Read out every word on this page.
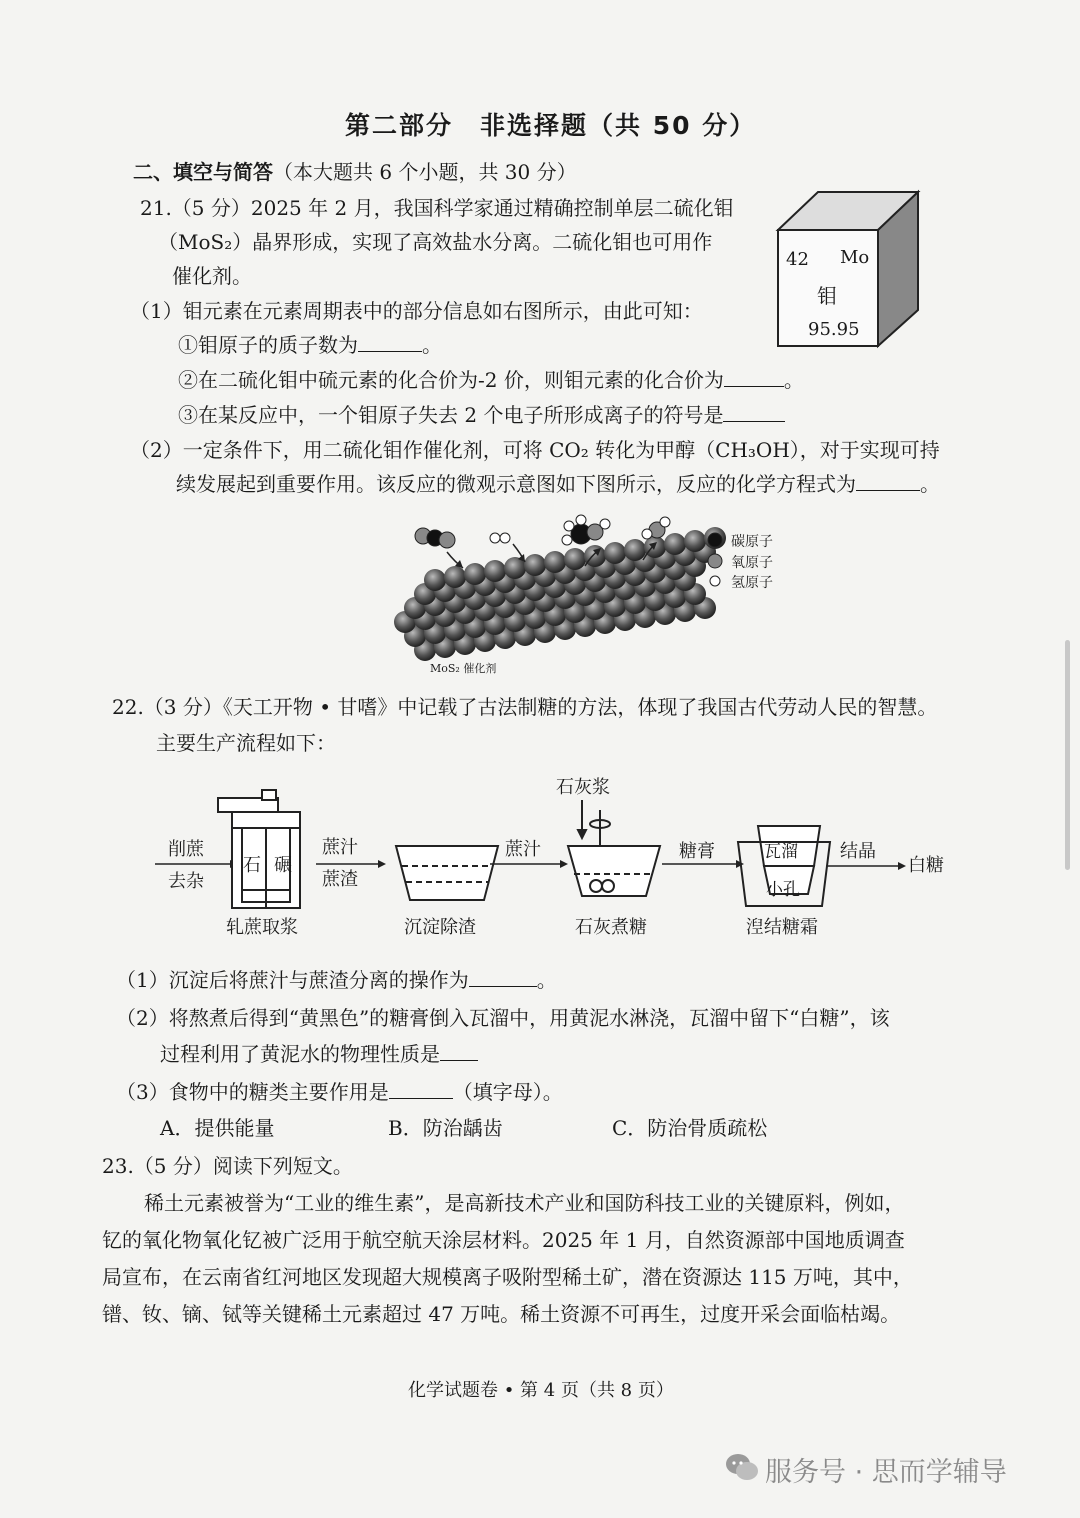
第二部分　非选择题（共 50 分）
二、填空与简答（本大题共 6 个小题，共 30 分）
21.（5 分）2025 年 2 月，我国科学家通过精确控制单层二硫化钼
（MoS₂）晶界形成，实现了高效盐水分离。二硫化钼也可用作
催化剂。
（1）钼元素在元素周期表中的部分信息如右图所示，由此可知：
①钼原子的质子数为	。
②在二硫化钼中硫元素的化合价为-2 价，则钼元素的化合价为	。
③在某反应中，一个钼原子失去 2 个电子所形成离子的符号是
（2）一定条件下，用二硫化钼作催化剂，可将 CO₂ 转化为甲醇（CH₃OH），对于实现可持
续发展起到重要作用。该反应的微观示意图如下图所示，反应的化学方程式为	。
42 Mo
钼
95.95
碳原子
氧原子
氢原子
MoS₂ 催化剂
22.（3 分）《天工开物 • 甘嗜》中记载了古法制糖的方法，体现了我国古代劳动人民的智慧。
主要生产流程如下：
削蔗
去杂
石 碾
蔗汁
蔗渣
蔗汁
石灰浆
糖膏	瓦溜
小孔
结晶
白糖
轧蔗取浆	沉淀除渣	石灰煮糖	湼结糖霜
（1）沉淀后将蔗汁与蔗渣分离的操作为	。
（2）将熬煮后得到“黄黑色”的糖膏倒入瓦溜中，用黄泥水淋浇，瓦溜中留下“白糖”，该
过程利用了黄泥水的物理性质是
（3）食物中的糖类主要作用是	（填字母）。
A．提供能量	B．防治龋齿	C．防治骨质疏松
23.（5 分）阅读下列短文。
稀土元素被誉为“工业的维生素”，是高新技术产业和国防科技工业的关键原料，例如，
钇的氧化物氧化钇被广泛用于航空航天涂层材料。2025 年 1 月，自然资源部中国地质调查
局宣布，在云南省红河地区发现超大规模离子吸附型稀土矿，潜在资源达 115 万吨，其中，
镨、钕、镝、铽等关键稀土元素超过 47 万吨。稀土资源不可再生，过度开采会面临枯竭。
化学试题卷 • 第 4 页（共 8 页）
服务号 · 思而学辅导
